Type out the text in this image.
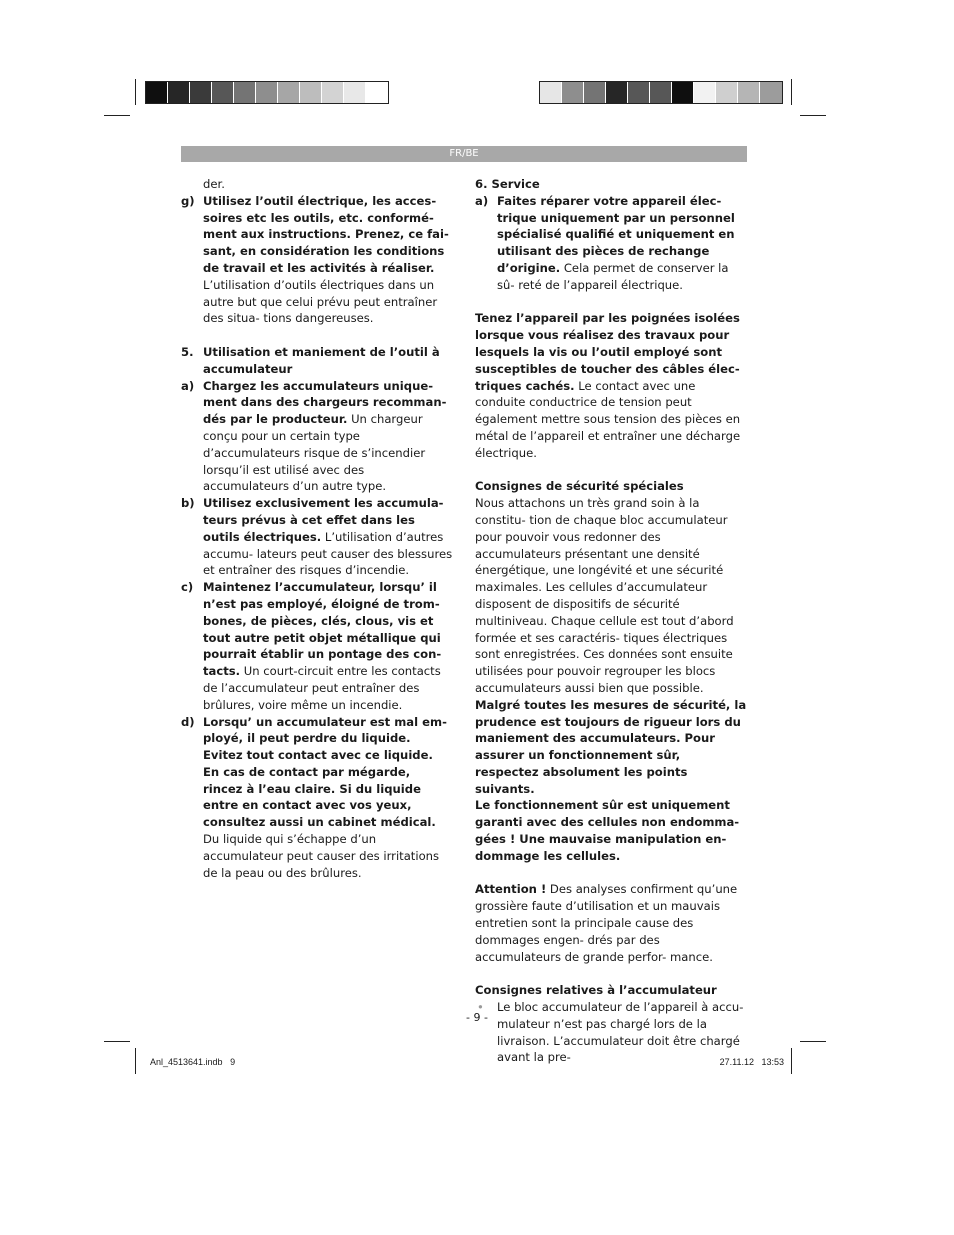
FR/BE

der.

g) Utilisez l’outil électrique, les acces- soires etc les outils, etc. conformé- ment aux instructions. Prenez, ce fai- sant, en considération les conditions de travail et les activités à réaliser. L’utilisation d’outils électriques dans un autre but que celui prévu peut entraîner des situa- tions dangereuses.
5. Utilisation et maniement de l’outil à accumulateur
a) Chargez les accumulateurs unique- ment dans des chargeurs recomman- dés par le producteur. Un chargeur conçu pour un certain type d’accumulateurs risque de s’incendier lorsqu’il est utilisé avec des accumulateurs d’un autre type.
b) Utilisez exclusivement les accumula- teurs prévus à cet effet dans les outils électriques. L’utilisation d’autres accumu- lateurs peut causer des blessures et entraîner des risques d’incendie.
c) Maintenez l’accumulateur, lorsqu’ il n’est pas employé, éloigné de trom- bones, de pièces, clés, clous, vis et tout autre petit objet métallique qui pourrait établir un pontage des con- tacts. Un court-circuit entre les contacts de l’accumulateur peut entraîner des brûlures, voire même un incendie.
d) Lorsqu’ un accumulateur est mal em- ployé, il peut perdre du liquide. Evitez tout contact avec ce liquide. En cas de contact par mégarde, rincez à l’eau claire. Si du liquide entre en contact avec vos yeux, consultez aussi un cabinet médical. Du liquide qui s’échappe d’un accumulateur peut causer des irritations de la peau ou des brûlures.

6. Service

a) Faites réparer votre appareil élec- trique uniquement par un personnel spécialisé qualifié et uniquement en utilisant des pièces de rechange d’origine. Cela permet de conserver la sû- reté de l’appareil électrique.

Tenez l’appareil par les poignées isolées lorsque vous réalisez des travaux pour lesquels la vis ou l’outil employé sont susceptibles de toucher des câbles élec- triques cachés. Le contact avec une conduite conductrice de tension peut également mettre sous tension des pièces en métal de l’appareil et entraîner une décharge électrique.

Consignes de sécurité spéciales

Nous attachons un très grand soin à la constitu- tion de chaque bloc accumulateur pour pouvoir vous redonner des accumulateurs présentant une densité énergétique, une longévité et une sécurité maximales. Les cellules d’accumulateur disposent de dispositifs de sécurité multiniveau. Chaque cellule est tout d’abord formée et ses caractéris- tiques électriques sont enregistrées. Ces données sont ensuite utilisées pour pouvoir regrouper les blocs accumulateurs aussi bien que possible.

Malgré toutes les mesures de sécurité, la prudence est toujours de rigueur lors du maniement des accumulateurs. Pour assurer un fonctionnement sûr, respectez absolument les points suivants.

Le fonctionnement sûr est uniquement garanti avec des cellules non endomma- gées ! Une mauvaise manipulation en- dommage les cellules.

Attention ! Des analyses confirment qu’une grossière faute d’utilisation et un mauvais entretien sont la principale cause des dommages engen- drés par des accumulateurs de grande perfor- mance.

Consignes relatives à l’accumulateur

• Le bloc accumulateur de l’appareil à accu- mulateur n’est pas chargé lors de la livraison. L’accumulateur doit être chargé avant la pre-
- 9 -
Anl_4513641.indb   9	27.11.12   13:53
